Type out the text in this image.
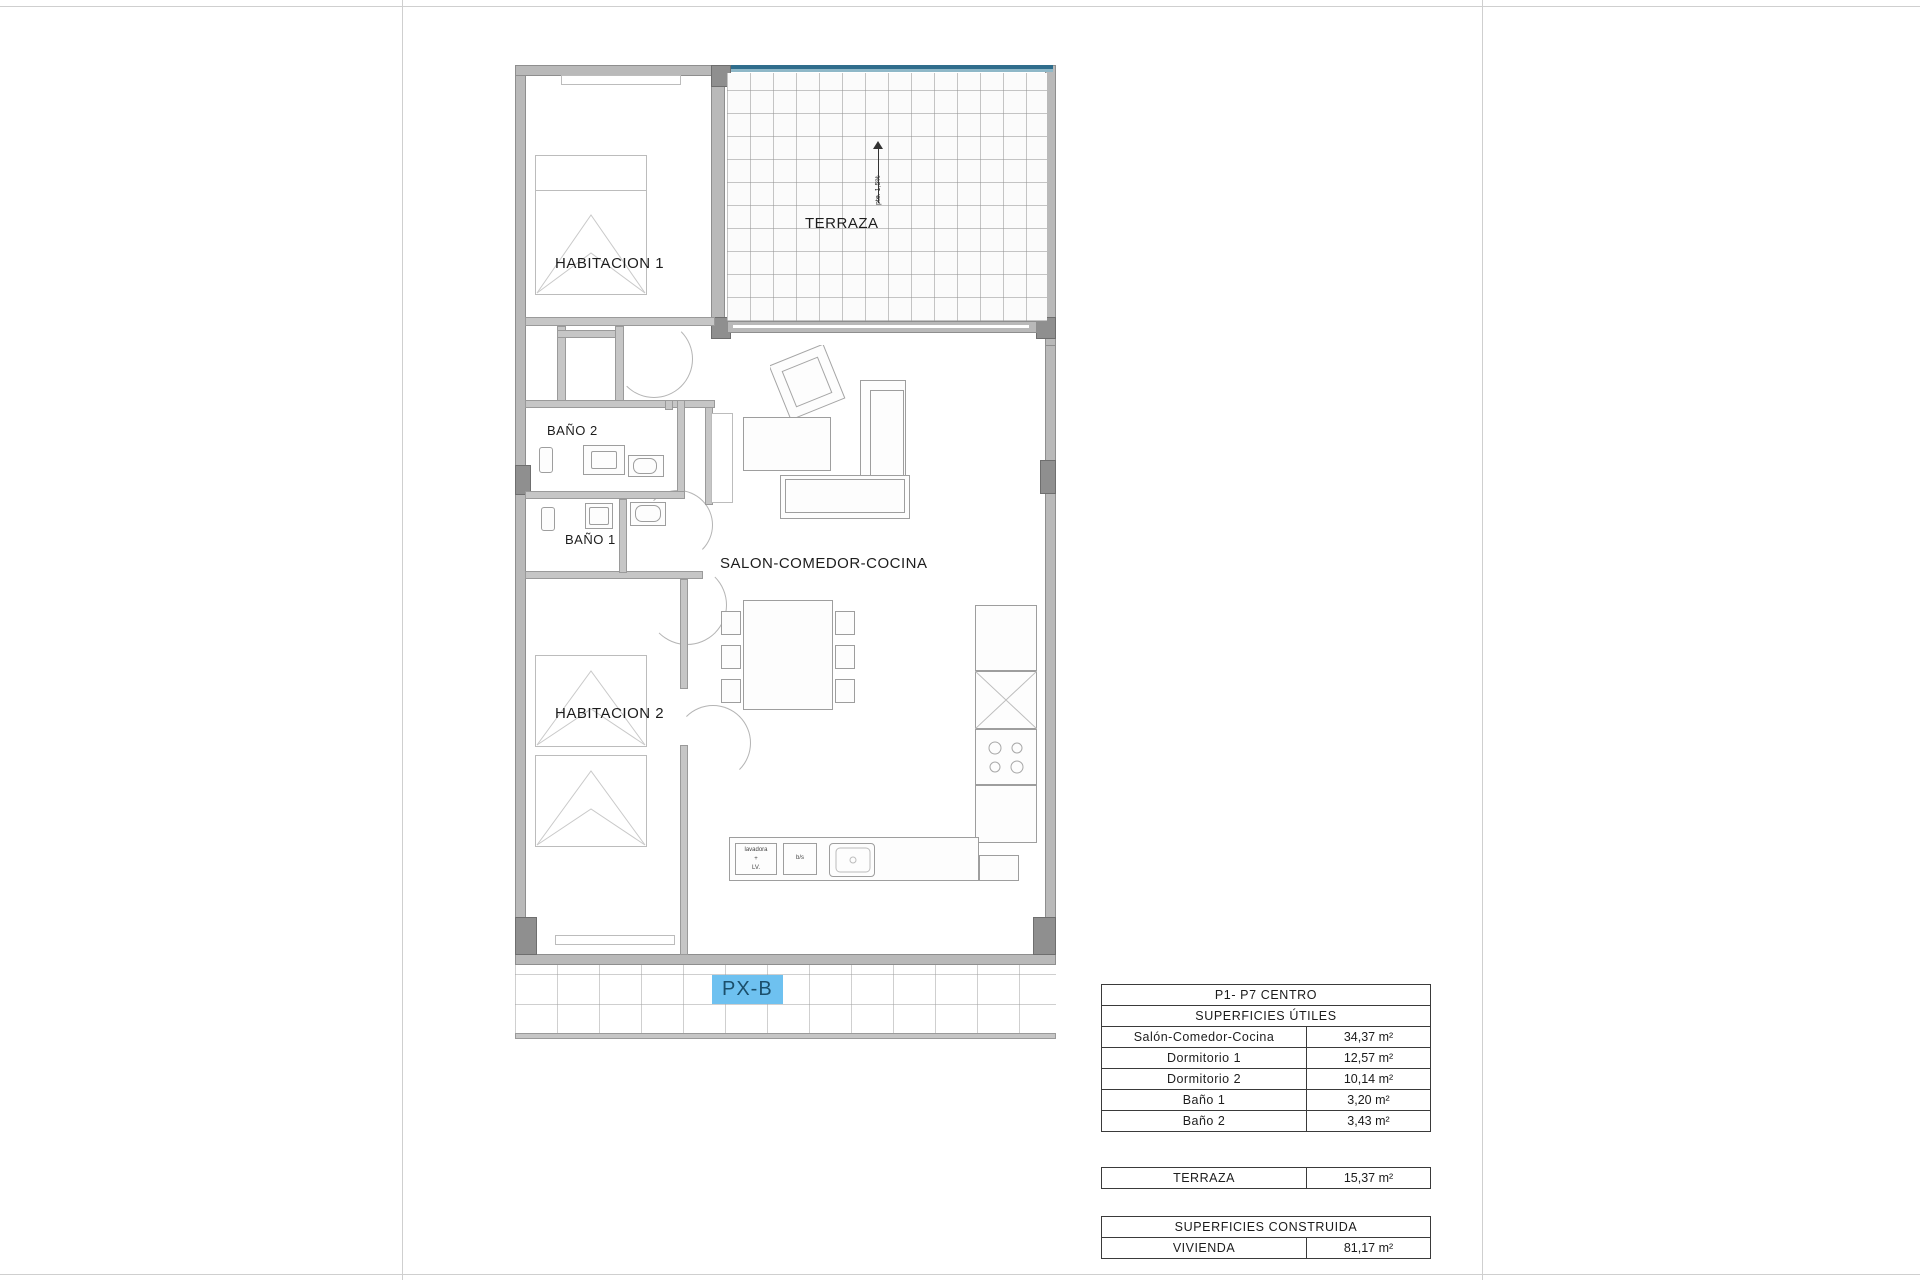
TERRAZA
pte. 1,5%
HABITACION 1
BAÑO 2
BAÑO 1
HABITACION 2
SALON-COMEDOR-COCINA
lavadora
+
LV.
b/s
PX-B	P1- P7 CENTRO
SUPERFICIES ÚTILES
Salón-Comedor-Cocina	34,37 m²
Dormitorio 1	12,57 m²
Dormitorio 2	10,14 m²
Baño 1	3,20 m²
Baño 2	3,43 m²
TERRAZA	15,37 m²
SUPERFICIES CONSTRUIDA
VIVIENDA	81,17 m²
